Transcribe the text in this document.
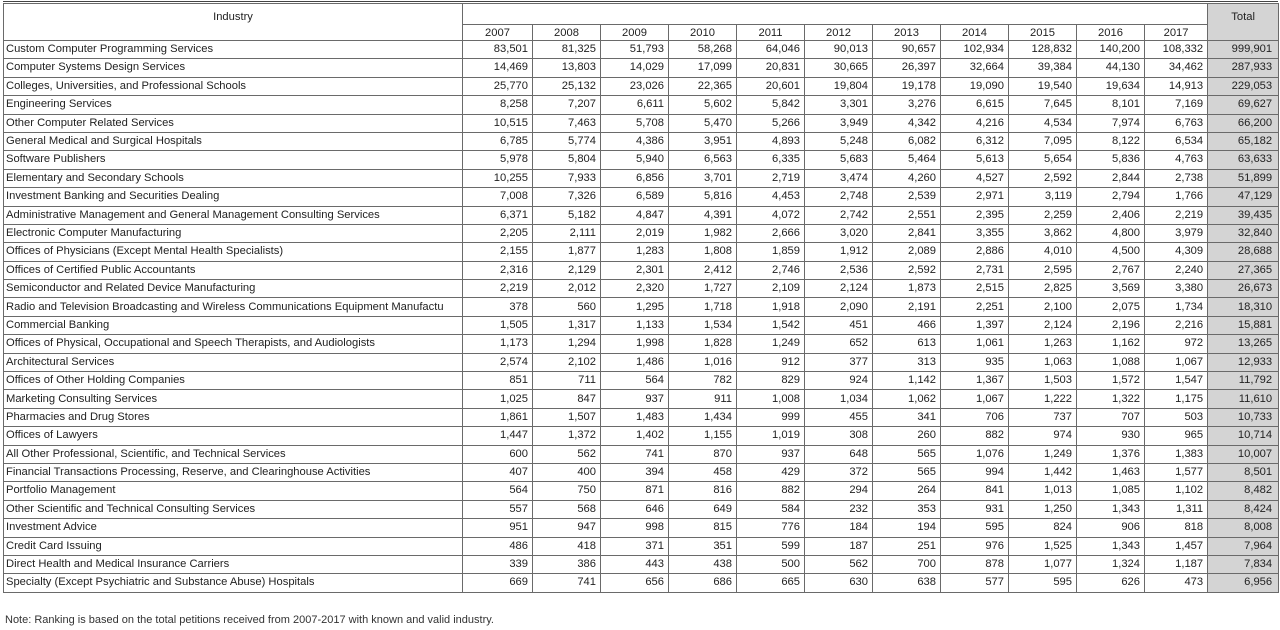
Industry												Total
	2007	2008	2009	2010	2011	2012	2013	2014	2015	2016	2017	
Custom Computer Programming Services	83,501	81,325	51,793	58,268	64,046	90,013	90,657	102,934	128,832	140,200	108,332	999,901
Computer Systems Design Services	14,469	13,803	14,029	17,099	20,831	30,665	26,397	32,664	39,384	44,130	34,462	287,933
Colleges, Universities, and Professional Schools	25,770	25,132	23,026	22,365	20,601	19,804	19,178	19,090	19,540	19,634	14,913	229,053
Engineering Services	8,258	7,207	6,611	5,602	5,842	3,301	3,276	6,615	7,645	8,101	7,169	69,627
Other Computer Related Services	10,515	7,463	5,708	5,470	5,266	3,949	4,342	4,216	4,534	7,974	6,763	66,200
General Medical and Surgical Hospitals	6,785	5,774	4,386	3,951	4,893	5,248	6,082	6,312	7,095	8,122	6,534	65,182
Software Publishers	5,978	5,804	5,940	6,563	6,335	5,683	5,464	5,613	5,654	5,836	4,763	63,633
Elementary and Secondary Schools	10,255	7,933	6,856	3,701	2,719	3,474	4,260	4,527	2,592	2,844	2,738	51,899
Investment Banking and Securities Dealing	7,008	7,326	6,589	5,816	4,453	2,748	2,539	2,971	3,119	2,794	1,766	47,129
Administrative Management and General Management Consulting Services	6,371	5,182	4,847	4,391	4,072	2,742	2,551	2,395	2,259	2,406	2,219	39,435
Electronic Computer Manufacturing	2,205	2,111	2,019	1,982	2,666	3,020	2,841	3,355	3,862	4,800	3,979	32,840
Offices of Physicians (Except Mental Health Specialists)	2,155	1,877	1,283	1,808	1,859	1,912	2,089	2,886	4,010	4,500	4,309	28,688
Offices of Certified Public Accountants	2,316	2,129	2,301	2,412	2,746	2,536	2,592	2,731	2,595	2,767	2,240	27,365
Semiconductor and Related Device Manufacturing	2,219	2,012	2,320	1,727	2,109	2,124	1,873	2,515	2,825	3,569	3,380	26,673
Radio and Television Broadcasting and Wireless Communications Equipment Manufactu	378	560	1,295	1,718	1,918	2,090	2,191	2,251	2,100	2,075	1,734	18,310
Commercial Banking	1,505	1,317	1,133	1,534	1,542	451	466	1,397	2,124	2,196	2,216	15,881
Offices of Physical, Occupational and Speech Therapists, and Audiologists	1,173	1,294	1,998	1,828	1,249	652	613	1,061	1,263	1,162	972	13,265
Architectural Services	2,574	2,102	1,486	1,016	912	377	313	935	1,063	1,088	1,067	12,933
Offices of Other Holding Companies	851	711	564	782	829	924	1,142	1,367	1,503	1,572	1,547	11,792
Marketing Consulting Services	1,025	847	937	911	1,008	1,034	1,062	1,067	1,222	1,322	1,175	11,610
Pharmacies and Drug Stores	1,861	1,507	1,483	1,434	999	455	341	706	737	707	503	10,733
Offices of Lawyers	1,447	1,372	1,402	1,155	1,019	308	260	882	974	930	965	10,714
All Other Professional, Scientific, and Technical Services	600	562	741	870	937	648	565	1,076	1,249	1,376	1,383	10,007
Financial Transactions Processing, Reserve, and Clearinghouse Activities	407	400	394	458	429	372	565	994	1,442	1,463	1,577	8,501
Portfolio Management	564	750	871	816	882	294	264	841	1,013	1,085	1,102	8,482
Other Scientific and Technical Consulting Services	557	568	646	649	584	232	353	931	1,250	1,343	1,311	8,424
Investment Advice	951	947	998	815	776	184	194	595	824	906	818	8,008
Credit Card Issuing	486	418	371	351	599	187	251	976	1,525	1,343	1,457	7,964
Direct Health and Medical Insurance Carriers	339	386	443	438	500	562	700	878	1,077	1,324	1,187	7,834
Specialty (Except Psychiatric and Substance Abuse) Hospitals	669	741	656	686	665	630	638	577	595	626	473	6,956
Note: Ranking is based on the total petitions received from 2007-2017 with known and valid industry.
